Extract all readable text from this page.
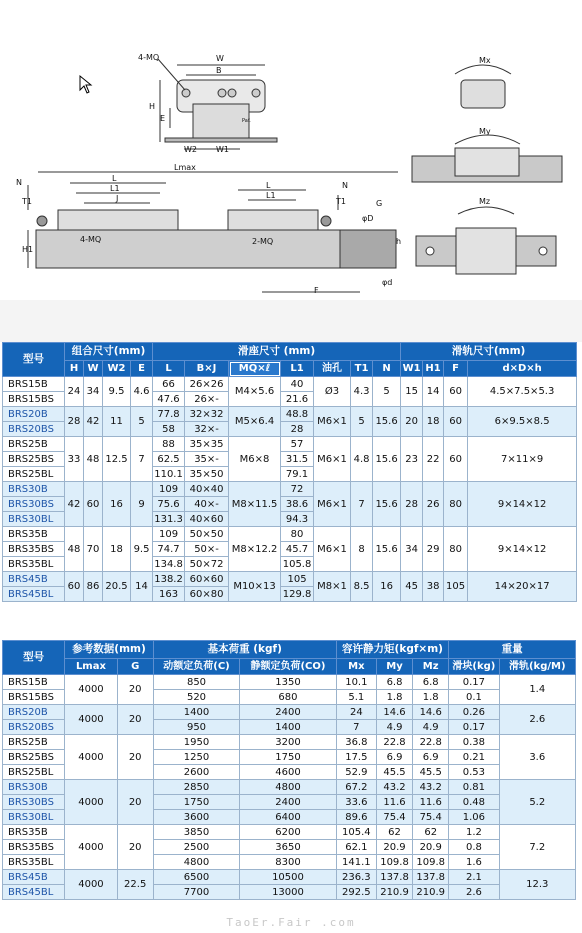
4-MQ	W
B
H
E
W2 W1
Paf.
Lmax
N
T1
L
L1
J
H1
4-MQ
L	N
L1
T1
φD
G
2-MQ	h
F
φd
Mx
My
Mz
型号	组合尺寸(mm)				滑座尺寸 (mm)							滑轨尺寸(mm)			
	H	W	W2	E	L	B×J	MQ×ℓ	L1	油孔	T1	N	W1	H1	F	d×D×h
BRS15B	24	34	9.5	4.6	66	26×26	M4×5.6	40	Ø3	4.3	5	15	14	60	4.5×7.5×5.3
BRS15BS					47.6	26×-		21.6							
BRS20B	28	42	11	5	77.8	32×32	M5×6.4	48.8	M6×1	5	15.6	20	18	60	6×9.5×8.5
BRS20BS					58	32×-		28							
BRS25B	33	48	12.5	7	88	35×35	M6×8	57	M6×1	4.8	15.6	23	22	60	7×11×9
BRS25BS					62.5	35×-		31.5							
BRS25BL					110.1	35×50		79.1							
BRS30B	42	60	16	9	109	40×40	M8×11.5	72	M6×1	7	15.6	28	26	80	9×14×12
BRS30BS					75.6	40×-		38.6							
BRS30BL					131.3	40×60		94.3							
BRS35B	48	70	18	9.5	109	50×50	M8×12.2	80	M6×1	8	15.6	34	29	80	9×14×12
BRS35BS					74.7	50×-		45.7							
BRS35BL					134.8	50×72		105.8							
BRS45B	60	86	20.5	14	138.2	60×60	M10×13	105	M8×1	8.5	16	45	38	105	14×20×17
BRS45BL					163	60×80		129.8							
型号	参考数据(mm)		基本荷重 (kgf)		容许静力矩(kgf×m)			重量	
	Lmax	G	动额定负荷(C)	静额定负荷(CO)	Mx	My	Mz	滑块(kg)	滑轨(kg/M)
BRS15B	4000	20	850	1350	10.1	6.8	6.8	0.17	1.4
BRS15BS			520	680	5.1	1.8	1.8	0.1	
BRS20B	4000	20	1400	2400	24	14.6	14.6	0.26	2.6
BRS20BS			950	1400	7	4.9	4.9	0.17	
BRS25B	4000	20	1950	3200	36.8	22.8	22.8	0.38	3.6
BRS25BS			1250	1750	17.5	6.9	6.9	0.21	
BRS25BL			2600	4600	52.9	45.5	45.5	0.53	
BRS30B	4000	20	2850	4800	67.2	43.2	43.2	0.81	5.2
BRS30BS			1750	2400	33.6	11.6	11.6	0.48	
BRS30BL			3600	6400	89.6	75.4	75.4	1.06	
BRS35B	4000	20	3850	6200	105.4	62	62	1.2	7.2
BRS35BS			2500	3650	62.1	20.9	20.9	0.8	
BRS35BL			4800	8300	141.1	109.8	109.8	1.6	
BRS45B	4000	22.5	6500	10500	236.3	137.8	137.8	2.1	12.3
BRS45BL			7700	13000	292.5	210.9	210.9	2.6	
TaoEr.Fair .com
